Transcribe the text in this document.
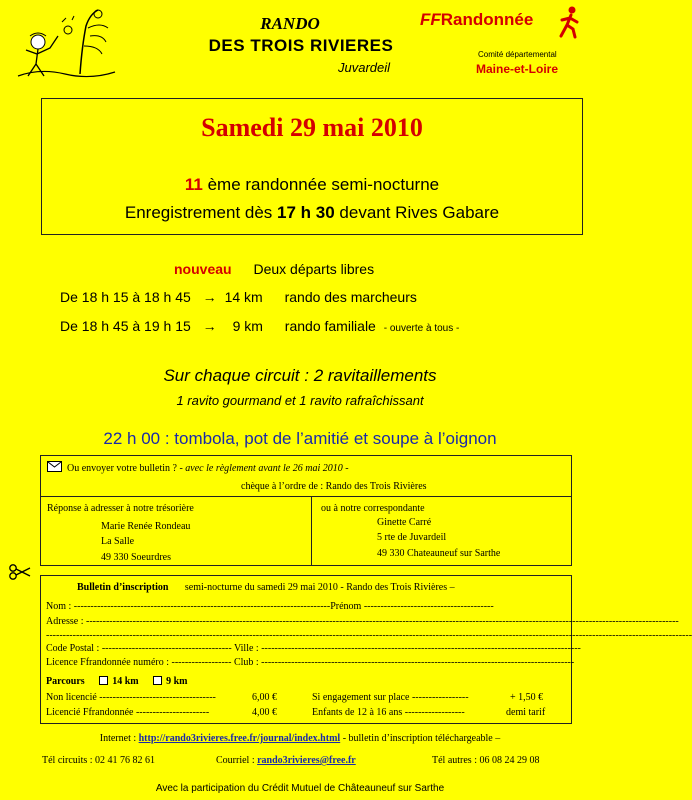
RANDO
DES TROIS RIVIERES
Juvardeil
FFRandonnée
Comité départemental
Maine-et-Loire
Samedi 29 mai 2010
11 ème randonnée semi-nocturne
Enregistrement dès 17 h 30 devant Rives Gabare
nouveau Deux départs libres
De 18 h 15 à 18 h 45 → 14 km rando des marcheurs
De 18 h 45 à 19 h 15 → 9 km rando familiale - ouverte à tous -
Sur chaque circuit : 2 ravitaillements
1 ravito gourmand et 1 ravito rafraîchissant
22 h 00 : tombola, pot de l’amitié et soupe à l’oignon
Ou envoyer votre bulletin ? - avec le règlement avant le 26 mai 2010 -
chèque à l’ordre de : Rando des Trois Rivières
Réponse à adresser à notre trésorière
Marie Renée Rondeau
La Salle
49 330 Soeurdres
ou à notre correspondante
Ginette Carré
5 rte de Juvardeil
49 330 Chateauneuf sur Sarthe
Bulletin d’inscription semi-nocturne du samedi 29 mai 2010 - Rando des Trois Rivières –
Nom : -----------------------------------------------------------------------------Prénom ---------------------------------------
Adresse : ----------------------------------------------------------------------------------------------------------------------------------------------------------------------------------
--------------------------------------------------------------------------------------------------------------------------------------------------------------------------------------------------
Code Postal : --------------------------------------- Ville : ------------------------------------------------------------------------------------------------
Licence Ffrandonnée numéro : ------------------ Club : ----------------------------------------------------------------------------------------------
Parcours	14 km	9 km
Non licencié -----------------------------------	6,00 €
Licencié Ffrandonnée ----------------------	4,00 €
Si engagement sur place -----------------	+ 1,50 €
Enfants de 12 à 16 ans ------------------	demi tarif
Internet : http://rando3rivieres.free.fr/journal/index.html - bulletin d’inscription téléchargeable –
Tél circuits : 02 41 76 82 61	Courriel : rando3rivieres@free.fr	Tél autres : 06 08 24 29 08
Avec la participation du Crédit Mutuel de Châteauneuf sur Sarthe
